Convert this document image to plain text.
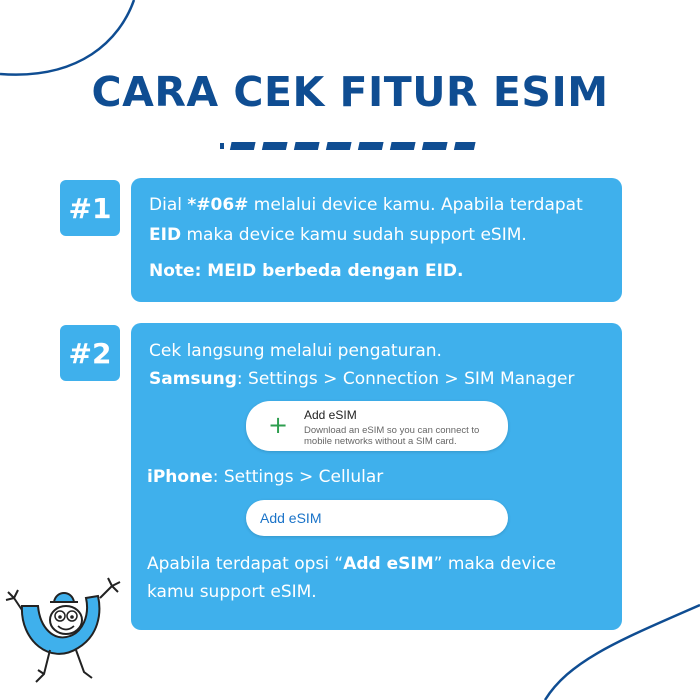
CARA CEK FITUR ESIM
#1	Dial *#06# melalui device kamu. Apabila terdapat

EID maka device kamu sudah support eSIM.

Note: MEID berbeda dengan EID.

#2	Cek langsung melalui pengaturan.

Samsung: Settings > Connection > SIM Manager

+ Add eSIM
Download an eSIM so you can connect to mobile networks without a SIM card.

iPhone: Settings > Cellular

Add eSIM

Apabila terdapat opsi “Add eSIM” maka device

kamu support eSIM.
